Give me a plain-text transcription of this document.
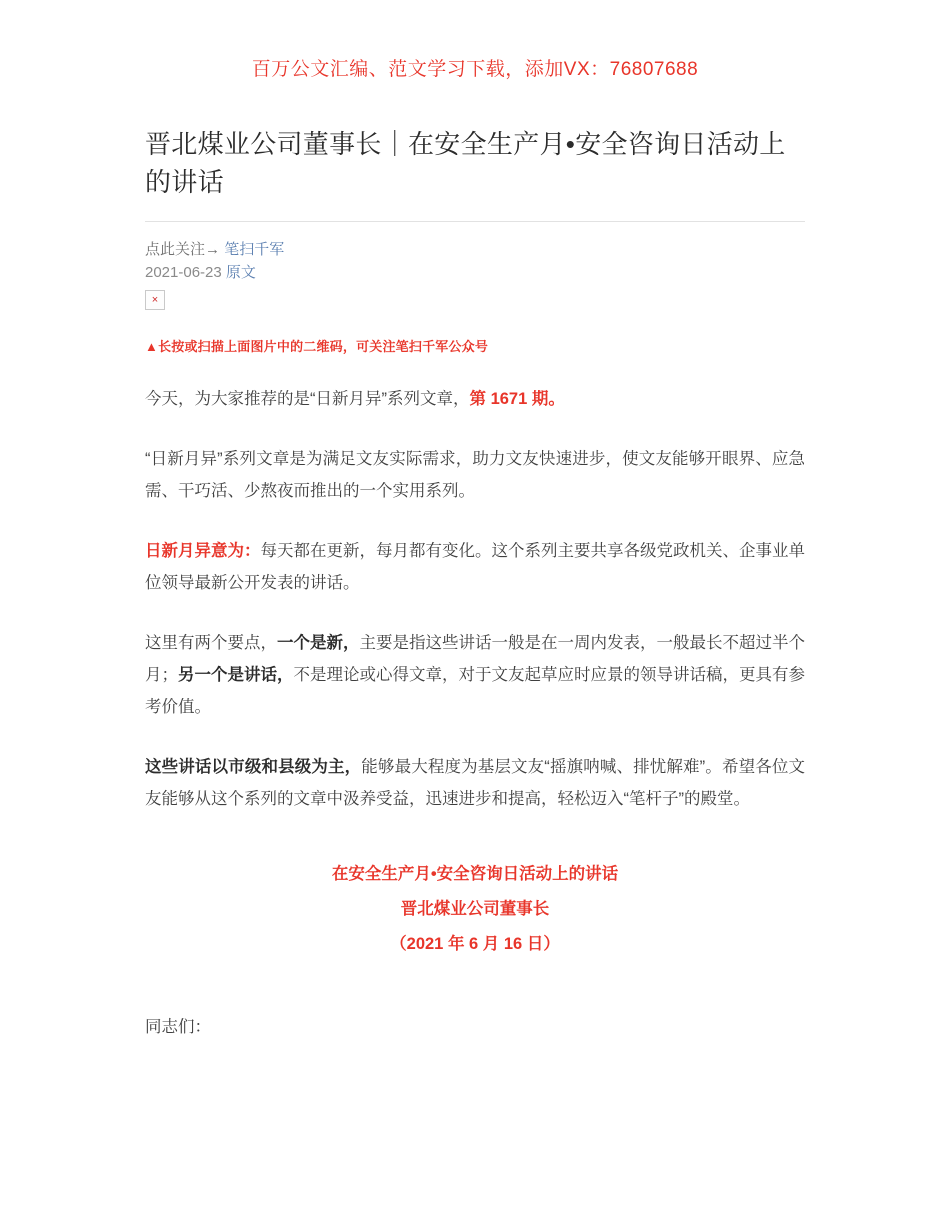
百万公文汇编、范文学习下载，添加VX：76807688
晋北煤业公司董事长｜在安全生产月•安全咨询日活动上的讲话
点此关注→ 笔扫千军
2021-06-23 原文
×
▲长按或扫描上面图片中的二维码，可关注笔扫千军公众号

今天，为大家推荐的是“日新月异”系列文章，第 1671 期。

“日新月异”系列文章是为满足文友实际需求，助力文友快速进步，使文友能够开眼界、应急需、干巧活、少熬夜而推出的一个实用系列。

日新月异意为：每天都在更新，每月都有变化。这个系列主要共享各级党政机关、企事业单位领导最新公开发表的讲话。

这里有两个要点，一个是新，主要是指这些讲话一般是在一周内发表，一般最长不超过半个月；另一个是讲话，不是理论或心得文章，对于文友起草应时应景的领导讲话稿，更具有参考价值。

这些讲话以市级和县级为主，能够最大程度为基层文友“摇旗呐喊、排忧解难”。希望各位文友能够从这个系列的文章中汲养受益，迅速进步和提高，轻松迈入“笔杆子”的殿堂。

在安全生产月•安全咨询日活动上的讲话
晋北煤业公司董事长
（2021 年 6 月 16 日）
同志们：
